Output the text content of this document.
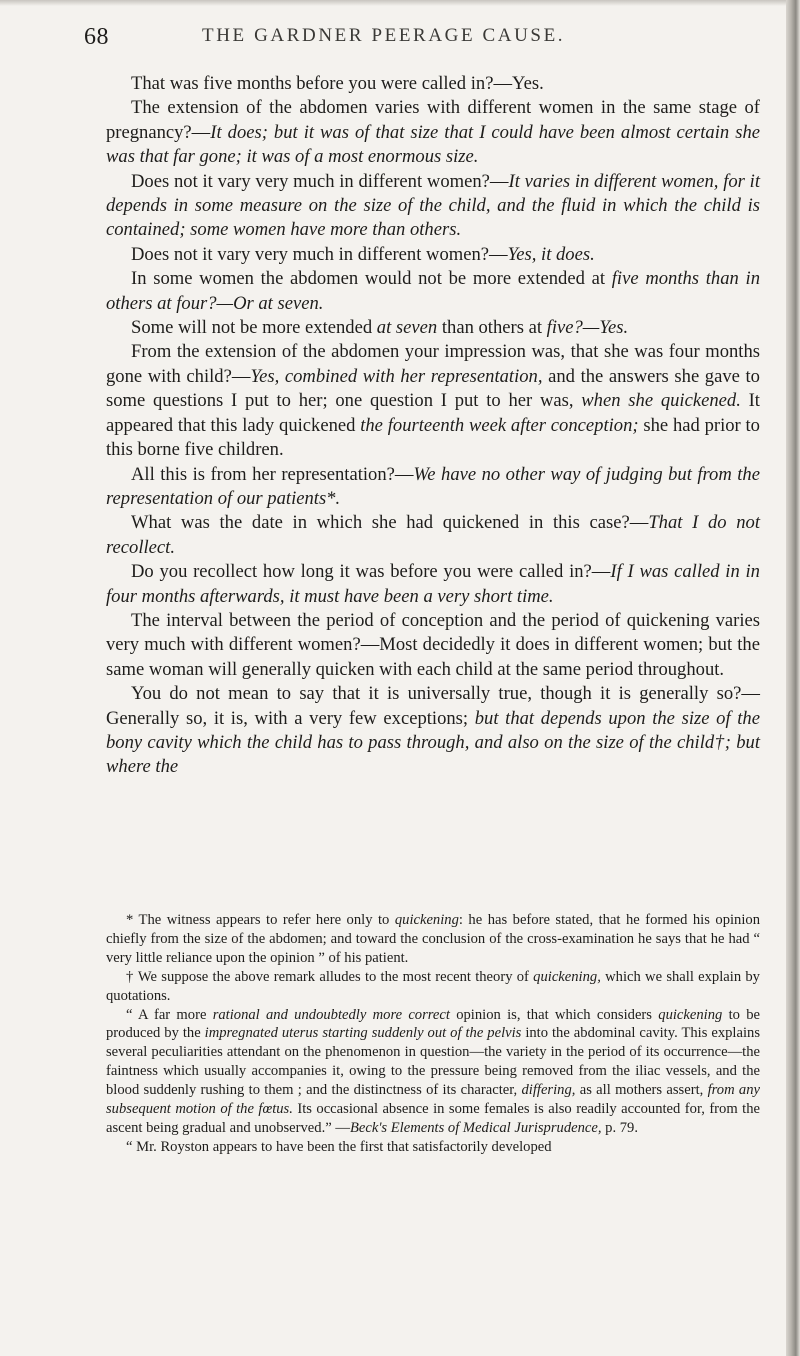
68	THE GARDNER PEERAGE CAUSE.

That was five months before you were called in?—Yes.

The extension of the abdomen varies with different women in the same stage of pregnancy?—It does; but it was of that size that I could have been almost certain she was that far gone; it was of a most enormous size.

Does not it vary very much in different women?—It varies in different women, for it depends in some measure on the size of the child, and the fluid in which the child is contained; some women have more than others.

Does not it vary very much in different women?—Yes, it does.

In some women the abdomen would not be more extended at five months than in others at four?—Or at seven.

Some will not be more extended at seven than others at five?—Yes.

From the extension of the abdomen your impression was, that she was four months gone with child?—Yes, combined with her representation, and the answers she gave to some questions I put to her; one question I put to her was, when she quickened. It appeared that this lady quickened the fourteenth week after conception; she had prior to this borne five children.

All this is from her representation?—We have no other way of judging but from the representation of our patients*.

What was the date in which she had quickened in this case?—That I do not recollect.

Do you recollect how long it was before you were called in?—If I was called in in four months afterwards, it must have been a very short time.

The interval between the period of conception and the period of quickening varies very much with different women?—Most decidedly it does in different women; but the same woman will generally quicken with each child at the same period throughout.

You do not mean to say that it is universally true, though it is generally so?—Generally so, it is, with a very few exceptions; but that depends upon the size of the bony cavity which the child has to pass through, and also on the size of the child†; but where the

* The witness appears to refer here only to quickening: he has before stated, that he formed his opinion chiefly from the size of the abdomen; and toward the conclusion of the cross-examination he says that he had “ very little reliance upon the opinion ” of his patient.

† We suppose the above remark alludes to the most recent theory of quickening, which we shall explain by quotations.

“ A far more rational and undoubtedly more correct opinion is, that which considers quickening to be produced by the impregnated uterus starting suddenly out of the pelvis into the abdominal cavity. This explains several peculiarities attendant on the phenomenon in question—the variety in the period of its occurrence—the faintness which usually accompanies it, owing to the pressure being removed from the iliac vessels, and the blood suddenly rushing to them ; and the distinctness of its character, differing, as all mothers assert, from any subsequent motion of the fœtus. Its occasional absence in some females is also readily accounted for, from the ascent being gradual and unobserved.” —Beck's Elements of Medical Jurisprudence, p. 79.

“ Mr. Royston appears to have been the first that satisfactorily developed
